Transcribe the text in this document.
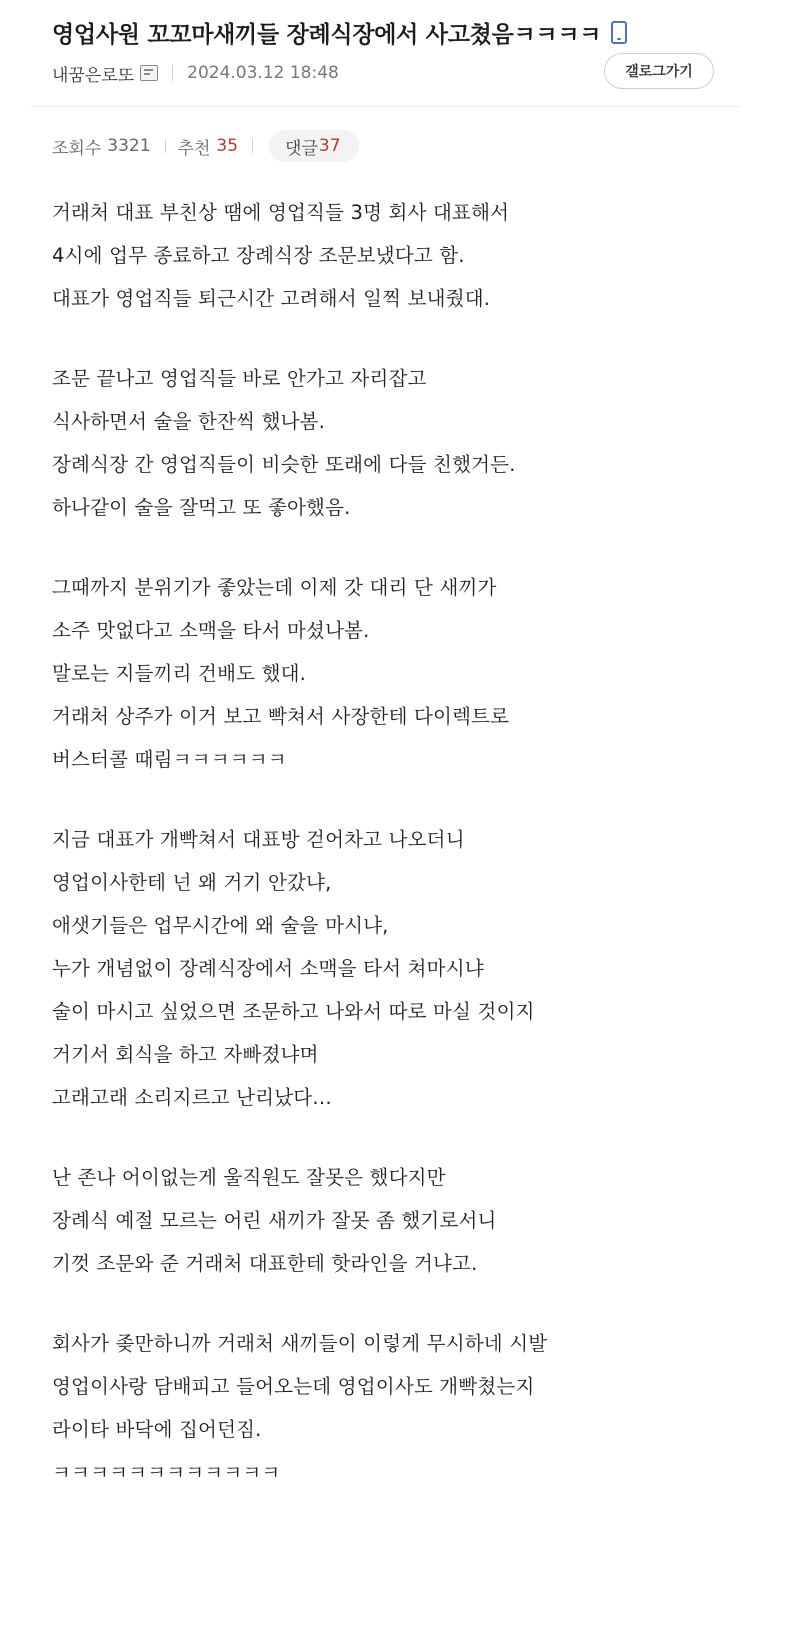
영업사원 꼬꼬마새끼들 장례식장에서 사고쳤음ㅋㅋㅋㅋ
내꿈은로또	2024.03.12 18:48	갤로그가기
조회수 3321 추천 35	댓글 37
거래처 대표 부친상 땜에 영업직들 3명 회사 대표해서
4시에 업무 종료하고 장례식장 조문보냈다고 함.
대표가 영업직들 퇴근시간 고려해서 일찍 보내줬대.
조문 끝나고 영업직들 바로 안가고 자리잡고
식사하면서 술을 한잔씩 했나봄.
장례식장 간 영업직들이 비슷한 또래에 다들 친했거든.
하나같이 술을 잘먹고 또 좋아했음.
그때까지 분위기가 좋았는데 이제 갓 대리 단 새끼가
소주 맛없다고 소맥을 타서 마셨나봄.
말로는 지들끼리 건배도 했대.
거래처 상주가 이거 보고 빡쳐서 사장한테 다이렉트로
버스터콜 때림ㅋㅋㅋㅋㅋㅋ
지금 대표가 개빡쳐서 대표방 걷어차고 나오더니
영업이사한테 넌 왜 거기 안갔냐,
애샛기들은 업무시간에 왜 술을 마시냐,
누가 개념없이 장례식장에서 소맥을 타서 쳐마시냐
술이 마시고 싶었으면 조문하고 나와서 따로 마실 것이지
거기서 회식을 하고 자빠졌냐며
고래고래 소리지르고 난리났다…
난 존나 어이없는게 울직원도 잘못은 했다지만
장례식 예절 모르는 어린 새끼가 잘못 좀 했기로서니
기껏 조문와 준 거래처 대표한테 핫라인을 거냐고.
회사가 좆만하니까 거래처 새끼들이 이렇게 무시하네 시발
영업이사랑 담배피고 들어오는데 영업이사도 개빡쳤는지
라이타 바닥에 집어던짐.
ㅋㅋㅋㅋㅋㅋㅋㅋㅋㅋㅋㅋ
